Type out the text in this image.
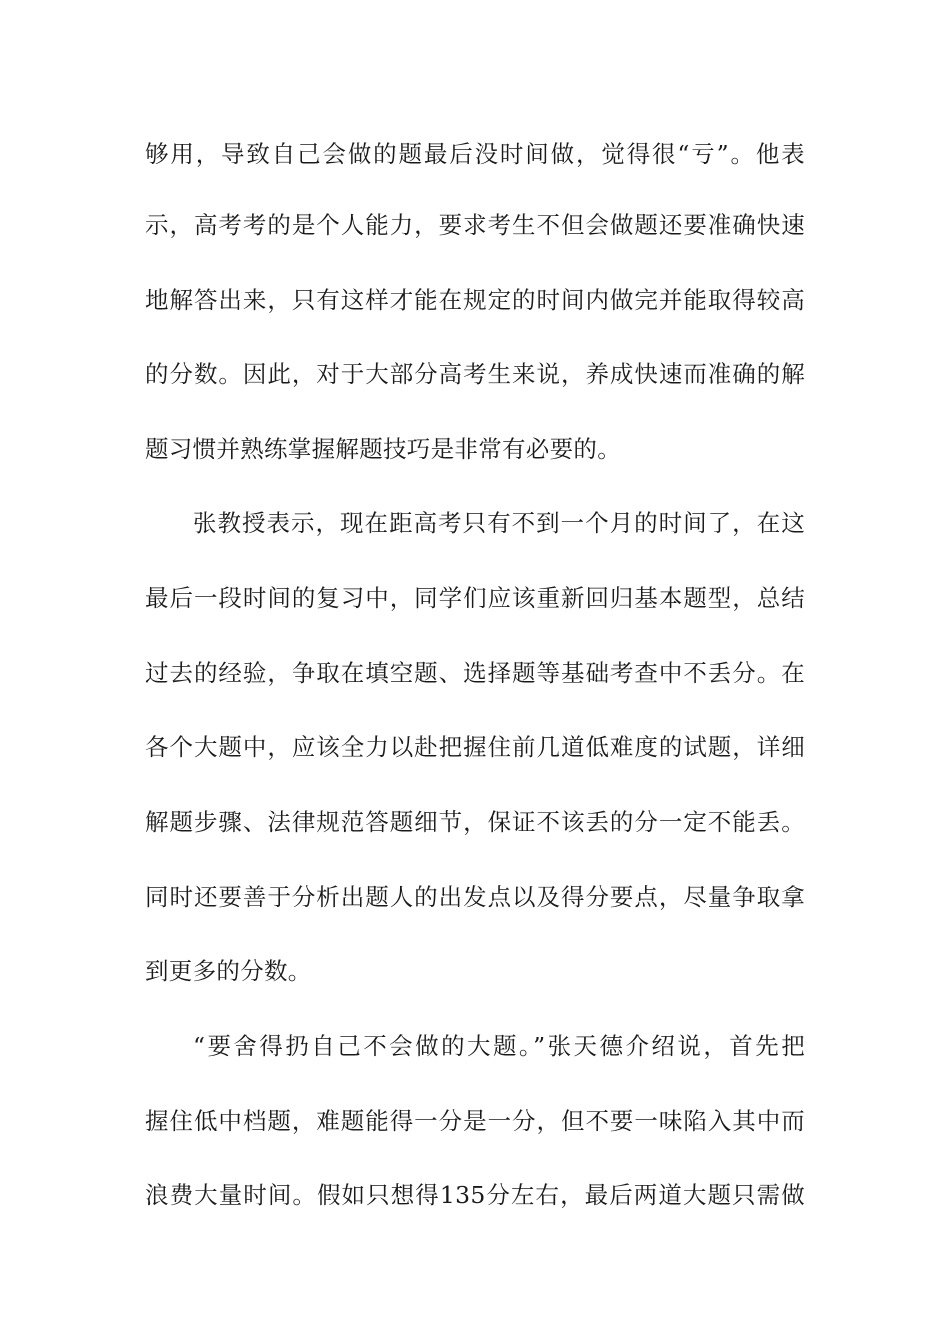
够用，导致自己会做的题最后没时间做，觉得很“亏”。他表
示，高考考的是个人能力，要求考生不但会做题还要准确快速
地解答出来，只有这样才能在规定的时间内做完并能取得较高
的分数。因此，对于大部分高考生来说，养成快速而准确的解
题习惯并熟练掌握解题技巧是非常有必要的。
张教授表示，现在距高考只有不到一个月的时间了，在这
最后一段时间的复习中，同学们应该重新回归基本题型，总结
过去的经验，争取在填空题、选择题等基础考查中不丢分。在
各个大题中，应该全力以赴把握住前几道低难度的试题，详细
解题步骤、法律规范答题细节，保证不该丢的分一定不能丢。
同时还要善于分析出题人的出发点以及得分要点，尽量争取拿
到更多的分数。
“要舍得扔自己不会做的大题。”张天德介绍说，首先把
握住低中档题，难题能得一分是一分，但不要一味陷入其中而
浪费大量时间。假如只想得135分左右，最后两道大题只需做
